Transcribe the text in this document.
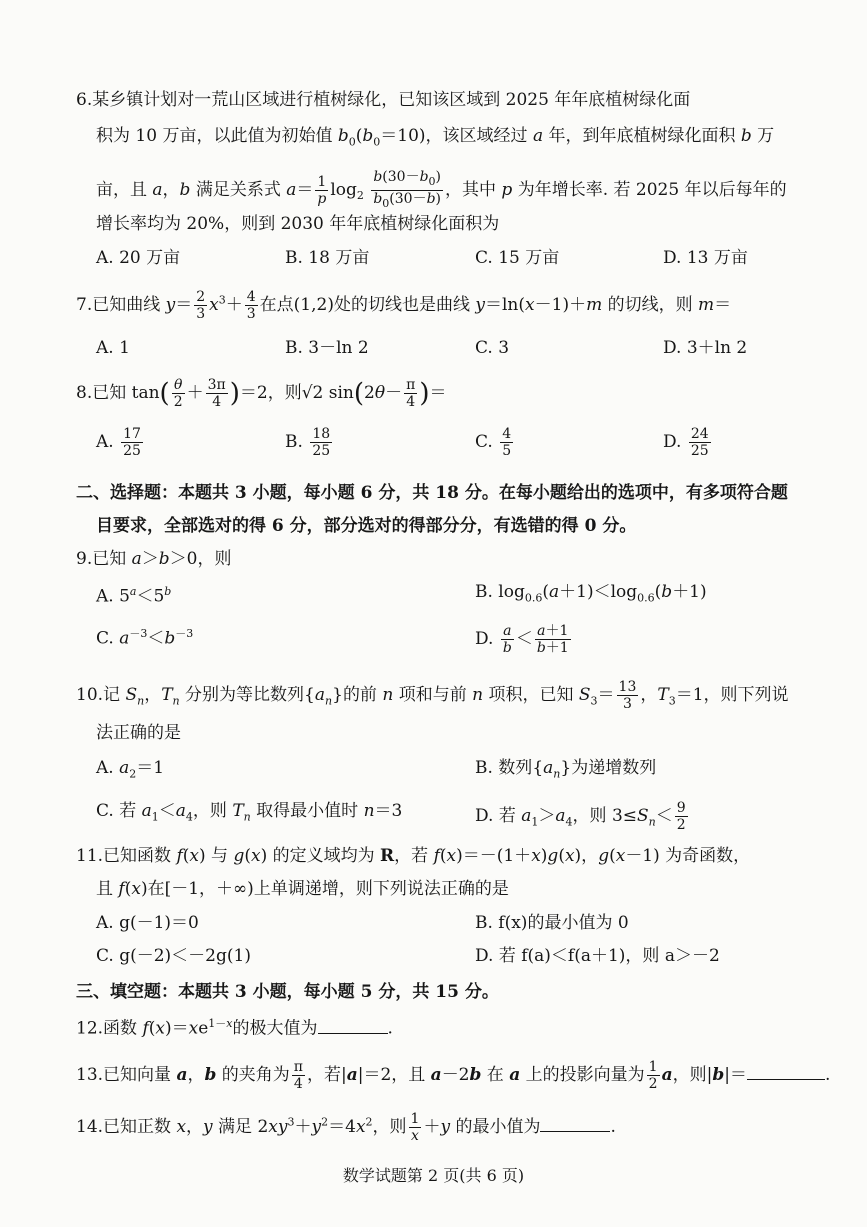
6.某乡镇计划对一荒山区域进行植树绿化，已知该区域到 2025 年年底植树绿化面
积为 10 万亩，以此值为初始值 $b_0(b_0=10)$，该区域经过 a 年，到年底植树绿化面积 b 万
亩，且 a，b 满足关系式 $a= \frac{1}{p} \log_2 \frac{b(30-b_0)}{b_0(30-b)}$ ，其中 p 为年增长率. 若 2025 年以后每年的
增长率均为 20%，则到 2030 年年底植树绿化面积为
A. 20 万亩	B. 18 万亩	C. 15 万亩	D. 13 万亩
7.已知曲线 $y= \frac{2}{3} x^3+ \frac{4}{3}$ 在点(1,2)处的切线也是曲线 y＝ln(x－1)＋m 的切线，则 m＝
A. 1	B. 3－ln 2	C. 3	D. 3＋ln 2
8.已知 $\tan( \frac{\theta}{2} + \frac{3\pi}{4} )=2$，则√2 $\sin(2\theta- \frac{\pi}{4}$ )＝
A. $\frac{17}{25}$	B. $\frac{18}{25}$	C. $\frac{4}{5}$	D. $\frac{24}{25}$
二、选择题：本题共 3 小题，每小题 6 分，共 18 分。在每小题给出的选项中，有多项符合题
目要求，全部选对的得 6 分，部分选对的得部分分，有选错的得 0 分。
9.已知 a＞b＞0，则
A. $5^a<5^b$	B. $\log_{0.6}(a+1)<\log_{0.6}(b+1)$
C. $a^{-3}<b^{-3}$	D. $\frac{a}{b} < \frac{a+1}{b+1}$
10.记 $S_n$，$T_n$ 分别为等比数列$\{a_n\}$的前 n 项和与前 n 项积，已知 $S_3= \frac{13}{3}$ ，$T_3=1$，则下列说
法正确的是
A. $a_2=1$	B. 数列$\{a_n\}$为递增数列
C. 若 $a_1<a_4$，则 $T_n$ 取得最小值时 n＝3	D. 若 $a_1>a_4$，则 $3\le S_n< \frac{9}{2}$
11.已知函数 f(x) 与 g(x) 的定义域均为 R，若 f(x)＝－(1＋x)g(x)，g(x－1) 为奇函数，
且 f(x)在[－1，＋∞)上单调递增，则下列说法正确的是
A. g(－1)＝0	B. f(x)的最小值为 0
C. g(－2)＜－2g(1)	D. 若 f(a)＜f(a＋1)，则 a＞－2
三、填空题：本题共 3 小题，每小题 5 分，共 15 分。
12.函数 $f(x)=xe^{1-x}$的极大值为	.
13.已知向量 a，b 的夹角为 $\frac{\pi}{4}$ ，若|a|＝2，且 a－2b 在 a 上的投影向量为 $\frac{1}{2}$ a，则|b|＝	.
14.已知正数 x，y 满足 $2xy^3+y^2=4x^2$，则 $\frac{1}{x} +y$ 的最小值为	.
数学试题第 2 页(共 6 页)
